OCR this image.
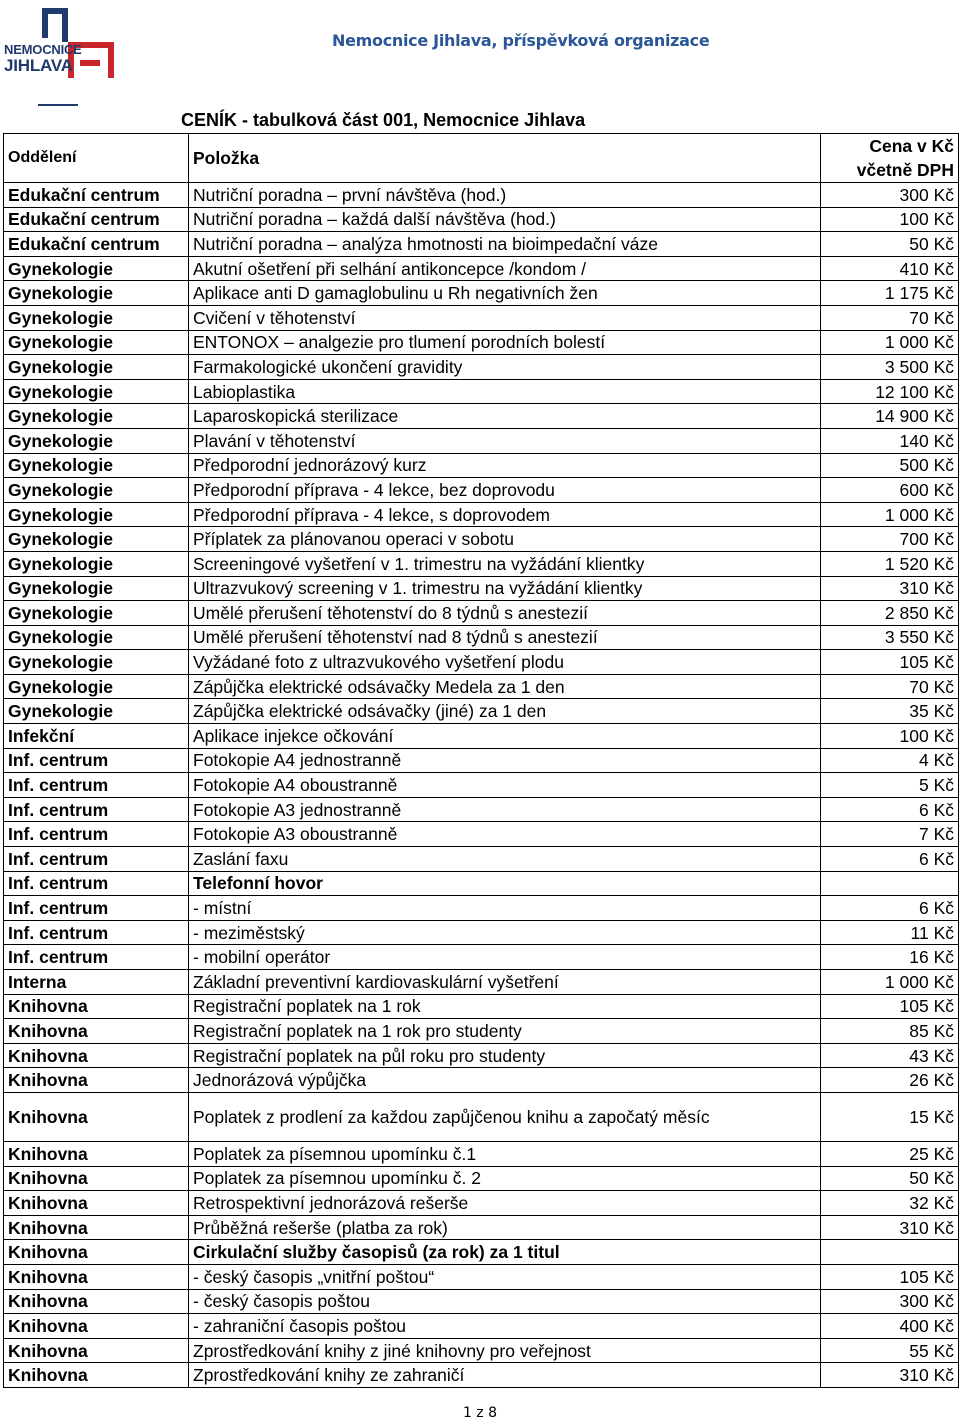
NEMOCNICE
JIHLAVA
Nemocnice Jihlava, příspěvková organizace
CENÍK - tabulková část 001, Nemocnice Jihlava
Oddělení	Položka	Cena v Kč
včetně DPH

Edukační centrum	Nutriční poradna – první návštěva (hod.)	300 Kč
Edukační centrum	Nutriční poradna – každá další návštěva (hod.)	100 Kč
Edukační centrum	Nutriční poradna – analýza hmotnosti na bioimpedační váze	50 Kč
Gynekologie	Akutní ošetření při selhání antikoncepce /kondom /	410 Kč
Gynekologie	Aplikace anti D gamaglobulinu u Rh negativních žen	1 175 Kč
Gynekologie	Cvičení v těhotenství	70 Kč
Gynekologie	ENTONOX – analgezie pro tlumení porodních bolestí	1 000 Kč
Gynekologie	Farmakologické ukončení gravidity	3 500 Kč
Gynekologie	Labioplastika	12 100 Kč
Gynekologie	Laparoskopická sterilizace	14 900 Kč
Gynekologie	Plavání v těhotenství	140 Kč
Gynekologie	Předporodní jednorázový kurz	500 Kč
Gynekologie	Předporodní příprava - 4 lekce, bez doprovodu	600 Kč
Gynekologie	Předporodní příprava - 4 lekce, s doprovodem	1 000 Kč
Gynekologie	Příplatek za plánovanou operaci v sobotu	700 Kč
Gynekologie	Screeningové vyšetření v 1. trimestru na vyžádání klientky	1 520 Kč
Gynekologie	Ultrazvukový screening v 1. trimestru na vyžádání klientky	310 Kč
Gynekologie	Umělé přerušení těhotenství do 8 týdnů s anestezií	2 850 Kč
Gynekologie	Umělé přerušení těhotenství nad 8 týdnů s anestezií	3 550 Kč
Gynekologie	Vyžádané foto z ultrazvukového vyšetření plodu	105 Kč
Gynekologie	Zápůjčka elektrické odsávačky Medela za 1 den	70 Kč
Gynekologie	Zápůjčka elektrické odsávačky (jiné) za 1 den	35 Kč
Infekční	Aplikace injekce očkování	100 Kč
Inf. centrum	Fotokopie A4 jednostranně	4 Kč
Inf. centrum	Fotokopie A4 oboustranně	5 Kč
Inf. centrum	Fotokopie A3 jednostranně	6 Kč
Inf. centrum	Fotokopie A3 oboustranně	7 Kč
Inf. centrum	Zaslání faxu	6 Kč
Inf. centrum	Telefonní hovor	
Inf. centrum	- místní	6 Kč
Inf. centrum	- meziměstský	11 Kč
Inf. centrum	- mobilní operátor	16 Kč
Interna	Základní preventivní kardiovaskulární vyšetření	1 000 Kč
Knihovna	Registrační poplatek na 1 rok	105 Kč
Knihovna	Registrační poplatek na 1 rok pro studenty	85 Kč
Knihovna	Registrační poplatek na půl roku pro studenty	43 Kč
Knihovna	Jednorázová výpůjčka	26 Kč
Knihovna	Poplatek z prodlení za každou zapůjčenou knihu a započatý měsíc	15 Kč
Knihovna	Poplatek za písemnou upomínku č.1	25 Kč
Knihovna	Poplatek za písemnou upomínku č. 2	50 Kč
Knihovna	Retrospektivní jednorázová rešerše	32 Kč
Knihovna	Průběžná rešerše (platba za rok)	310 Kč
Knihovna	Cirkulační služby časopisů (za rok) za 1 titul	
Knihovna	- český časopis „vnitřní poštou“	105 Kč
Knihovna	- český časopis poštou	300 Kč
Knihovna	- zahraniční časopis poštou	400 Kč
Knihovna	Zprostředkování knihy z jiné knihovny pro veřejnost	55 Kč
Knihovna	Zprostředkování knihy ze zahraničí	310 Kč
1 z 8
